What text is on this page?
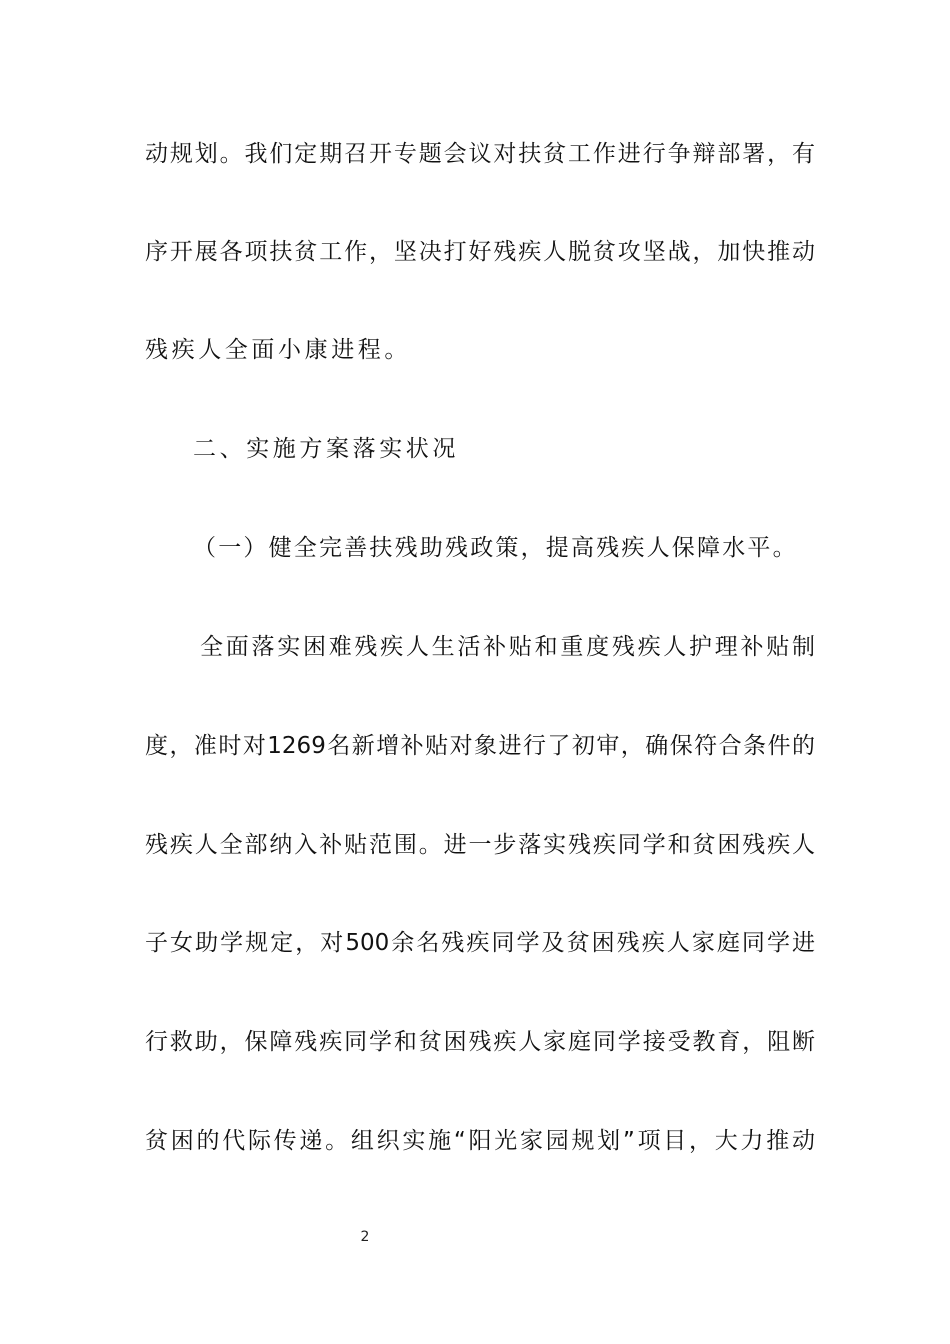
动规划。我们定期召开专题会议对扶贫工作进行争辩部署，有
序开展各项扶贫工作，坚决打好残疾人脱贫攻坚战，加快推动
残疾人全面小康进程。
二、实施方案落实状况
（一）健全完善扶残助残政策，提高残疾人保障水平。
全面落实困难残疾人生活补贴和重度残疾人护理补贴制
度，准时对1269名新增补贴对象进行了初审，确保符合条件的
残疾人全部纳入补贴范围。进一步落实残疾同学和贫困残疾人
子女助学规定，对500余名残疾同学及贫困残疾人家庭同学进
行救助，保障残疾同学和贫困残疾人家庭同学接受教育，阻断
贫困的代际传递。组织实施“阳光家园规划”项目，大力推动
2
